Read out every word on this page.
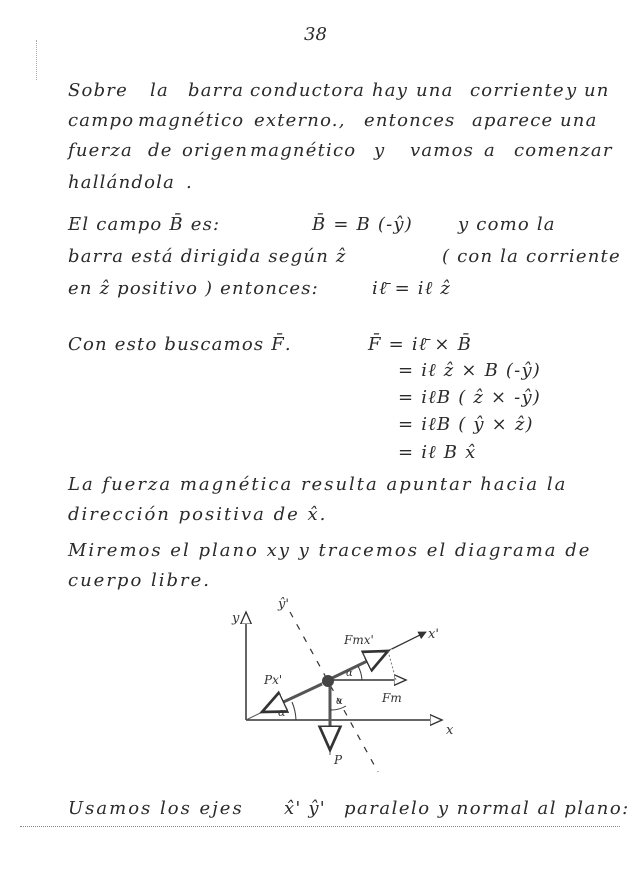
38
Sobre la barra conductora hay una corriente y un
campo magnético externo., entonces aparece una
fuerza de origen magnético y vamos a comenzar
hallándola .
El campo B̄ es:	B̄ = B (-ŷ)	y como la
barra está dirigida según ẑ	( con la corriente
en ẑ positivo ) entonces:	iℓ̄ = iℓ ẑ
Con esto buscamos F̄.	F̄ = iℓ̄ × B̄
= iℓ ẑ × B (-ŷ)
= iℓB ( ẑ × -ŷ)
= iℓB ( ŷ × ẑ)
= iℓ B x̂
La fuerza magnética resulta apuntar hacia la
dirección positiva de x̂.
Miremos el plano xy y tracemos el diagrama de
cuerpo libre.
y
ŷ'
x
x'
Fmx'
Px'
Fm
P
α
α
α
Usamos los ejes x̂' ŷ' paralelo y normal al plano:
